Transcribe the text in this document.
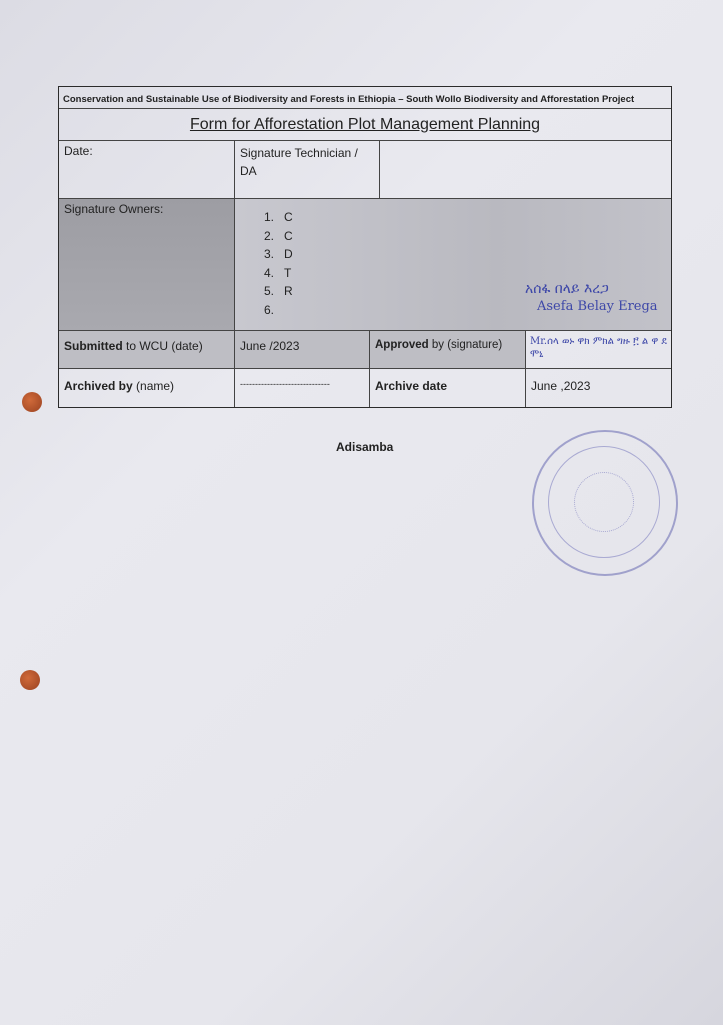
Conservation and Sustainable Use of Biodiversity and Forests in Ethiopia – South Wollo Biodiversity and Afforestation Project
Form for Afforestation Plot Management Planning
Date:	Signature Technician / DA
Signature Owners:
1. C
2. C
3. D
4. T
5. R
6.
አሰፋ በላይ እረጋ
Asefa Belay Erega
Submitted to WCU (date)	June /2023	Approved by (signature)	Mr.ሰላ ወኑ ዋክ ምክል ግዙ ፫ ል ዋ ደ ሞኒ
Archived by (name)	------------------------------	Archive date	June ,2023
Adisamba
